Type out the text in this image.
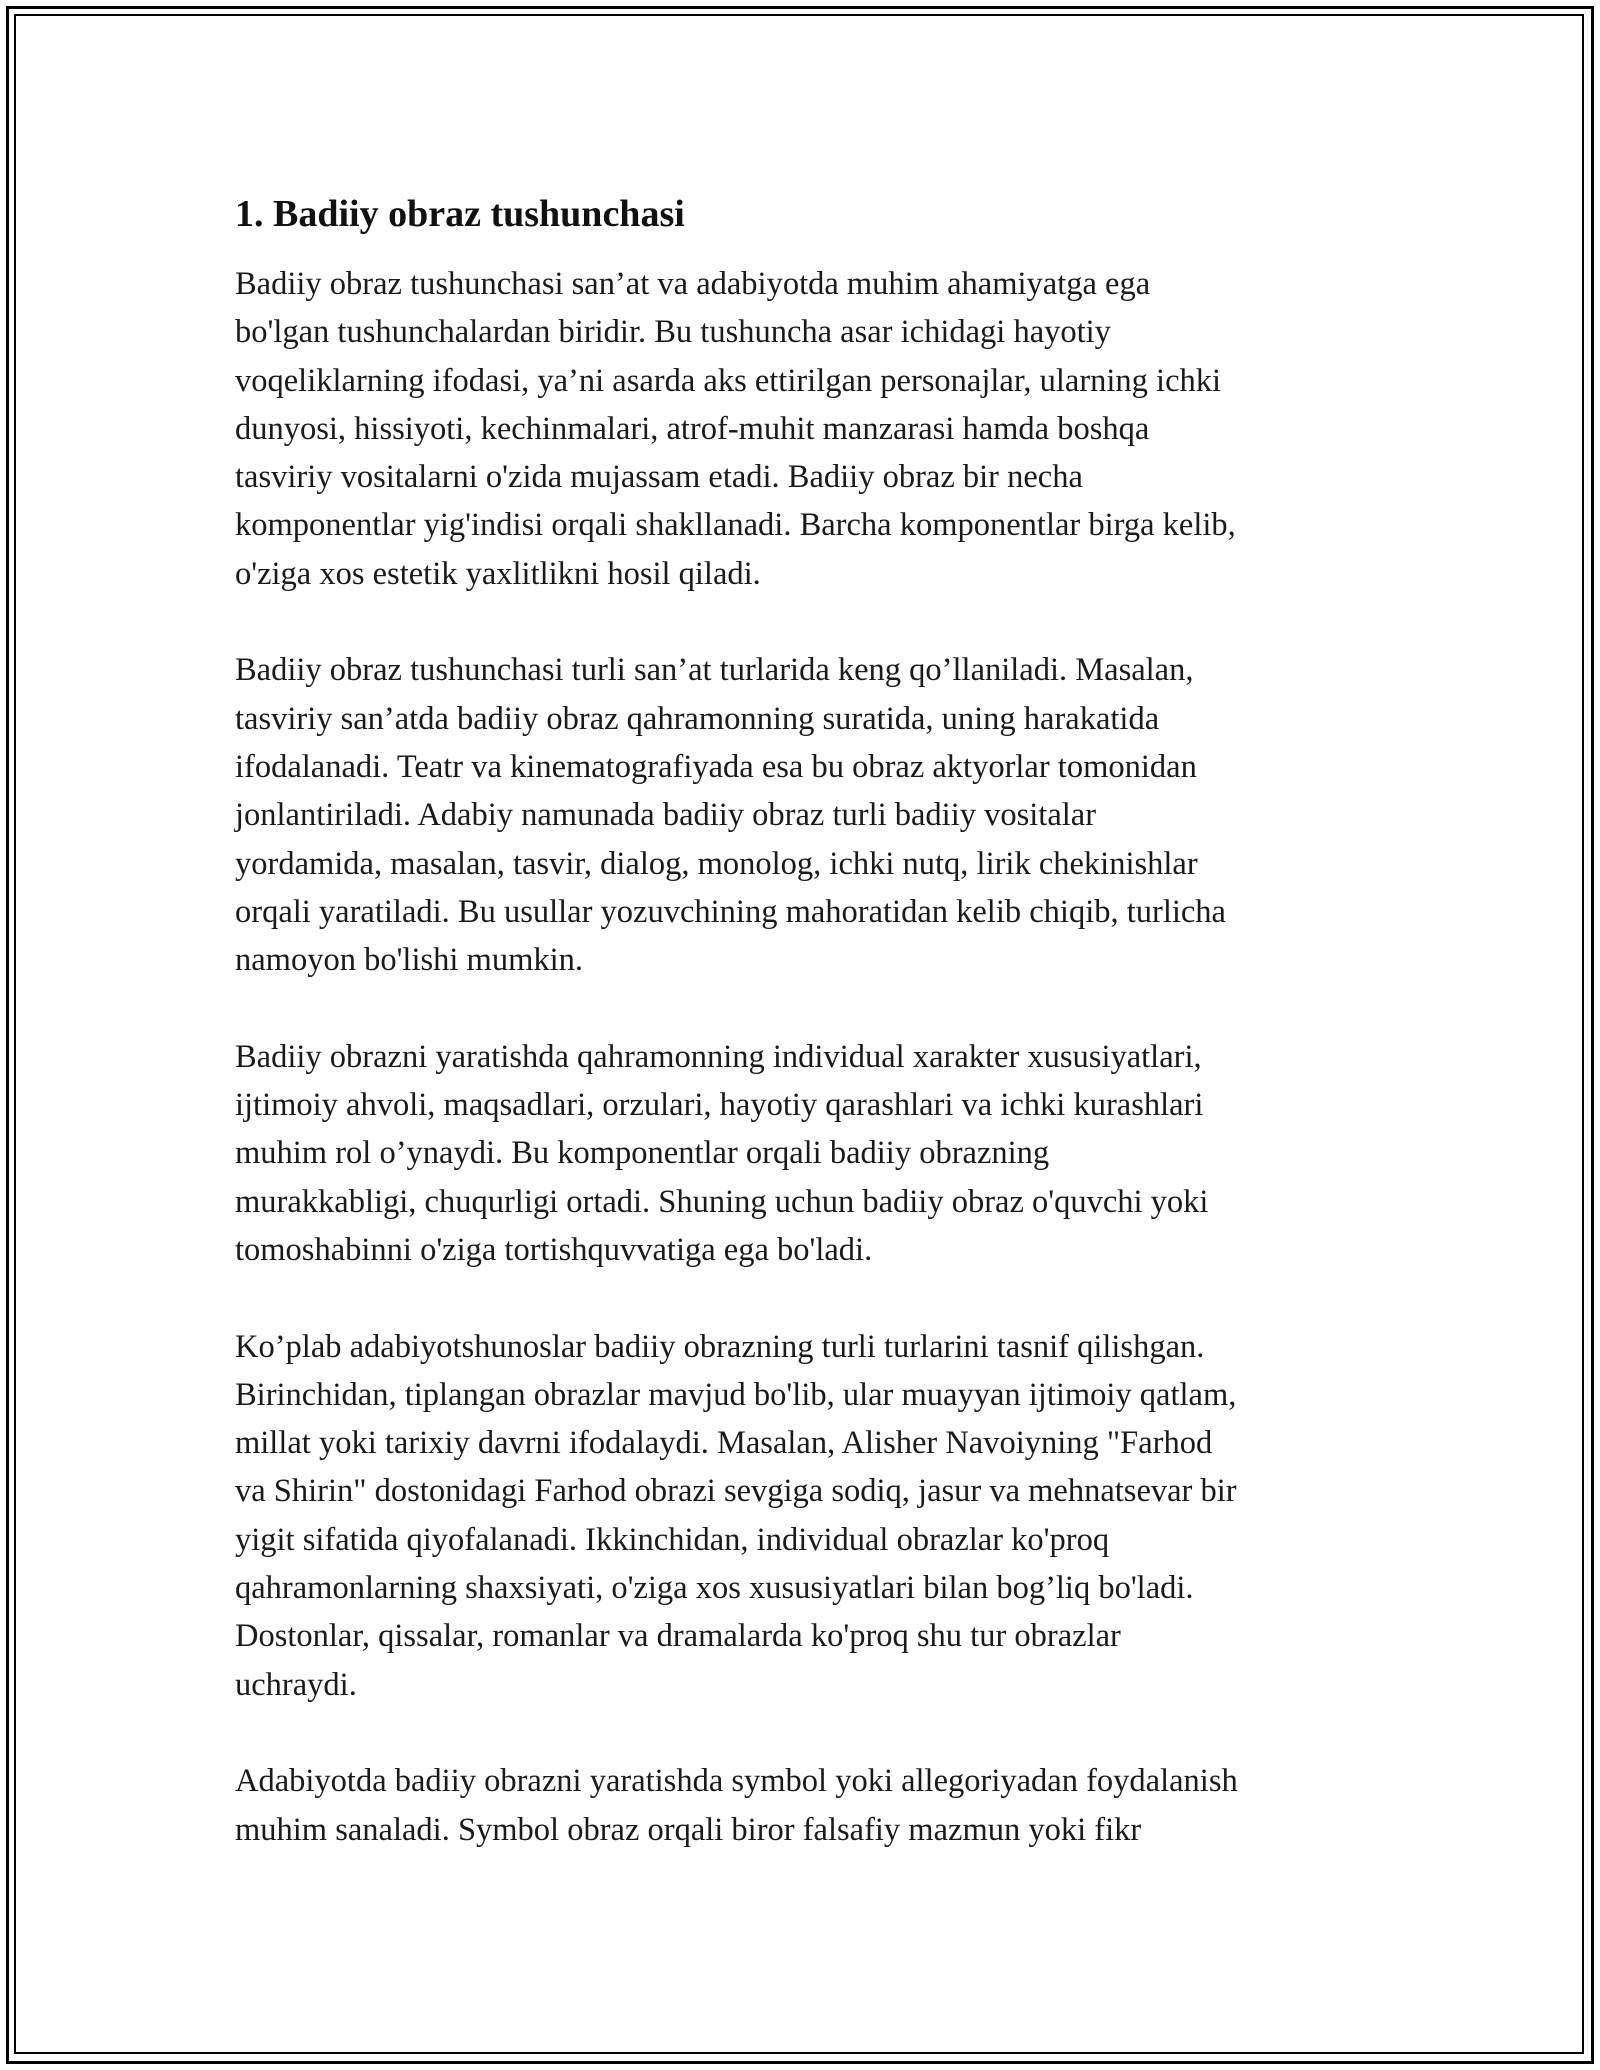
1. Badiiy obraz tushunchasi
Badiiy obraz tushunchasi san’at va adabiyotda muhim ahamiyatga ega
bo'lgan tushunchalardan biridir. Bu tushuncha asar ichidagi hayotiy
voqeliklarning ifodasi, ya’ni asarda aks ettirilgan personajlar, ularning ichki
dunyosi, hissiyoti, kechinmalari, atrof-muhit manzarasi hamda boshqa
tasviriy vositalarni o'zida mujassam etadi. Badiiy obraz bir necha
komponentlar yig'indisi orqali shakllanadi. Barcha komponentlar birga kelib,
o'ziga xos estetik yaxlitlikni hosil qiladi.
Badiiy obraz tushunchasi turli san’at turlarida keng qo’llaniladi. Masalan,
tasviriy san’atda badiiy obraz qahramonning suratida, uning harakatida
ifodalanadi. Teatr va kinematografiyada esa bu obraz aktyorlar tomonidan
jonlantiriladi. Adabiy namunada badiiy obraz turli badiiy vositalar
yordamida, masalan, tasvir, dialog, monolog, ichki nutq, lirik chekinishlar
orqali yaratiladi. Bu usullar yozuvchining mahoratidan kelib chiqib, turlicha
namoyon bo'lishi mumkin.
Badiiy obrazni yaratishda qahramonning individual xarakter xususiyatlari,
ijtimoiy ahvoli, maqsadlari, orzulari, hayotiy qarashlari va ichki kurashlari
muhim rol o’ynaydi. Bu komponentlar orqali badiiy obrazning
murakkabligi, chuqurligi ortadi. Shuning uchun badiiy obraz o'quvchi yoki
tomoshabinni o'ziga tortishquvvatiga ega bo'ladi.
Ko’plab adabiyotshunoslar badiiy obrazning turli turlarini tasnif qilishgan.
Birinchidan, tiplangan obrazlar mavjud bo'lib, ular muayyan ijtimoiy qatlam,
millat yoki tarixiy davrni ifodalaydi. Masalan, Alisher Navoiyning "Farhod
va Shirin" dostonidagi Farhod obrazi sevgiga sodiq, jasur va mehnatsevar bir
yigit sifatida qiyofalanadi. Ikkinchidan, individual obrazlar ko'proq
qahramonlarning shaxsiyati, o'ziga xos xususiyatlari bilan bog’liq bo'ladi.
Dostonlar, qissalar, romanlar va dramalarda ko'proq shu tur obrazlar
uchraydi.
Adabiyotda badiiy obrazni yaratishda symbol yoki allegoriyadan foydalanish
muhim sanaladi. Symbol obraz orqali biror falsafiy mazmun yoki fikr
